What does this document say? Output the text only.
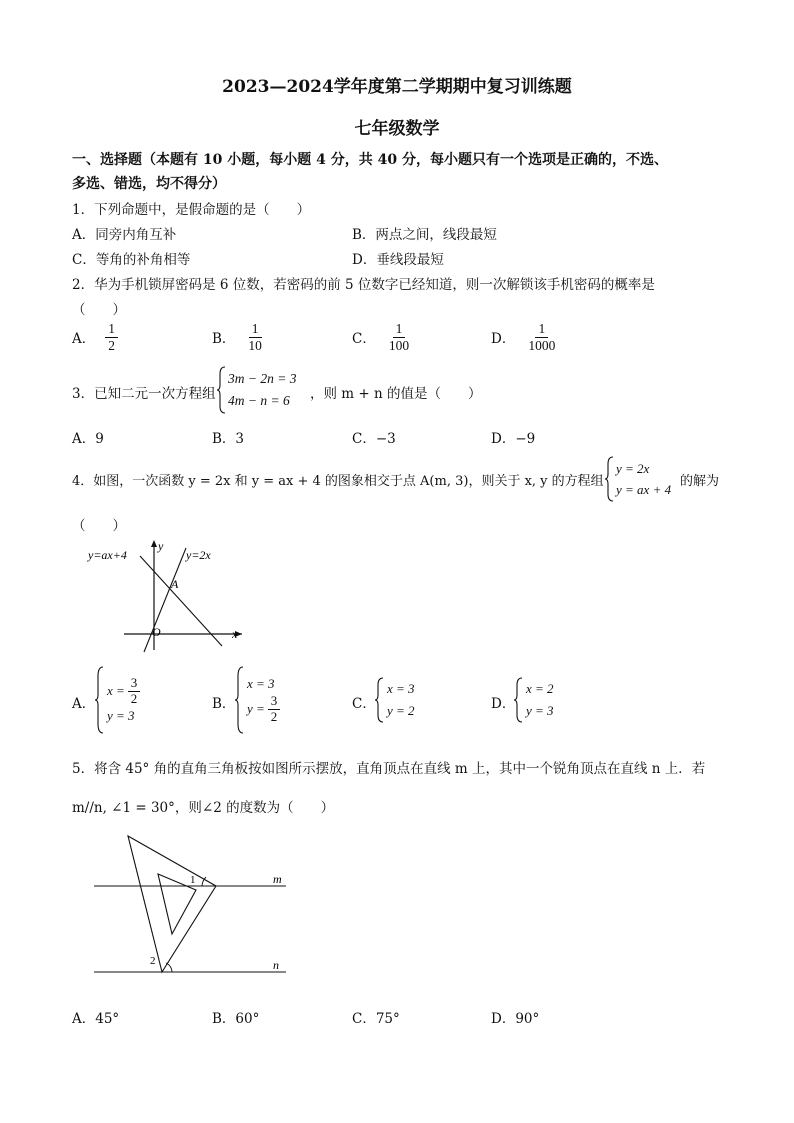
2023—2024学年度第二学期期中复习训练题
七年级数学
一、选择题（本题有 10 小题，每小题 4 分，共 40 分，每小题只有一个选项是正确的，不选、
多选、错选，均不得分）
1．下列命题中，是假命题的是（　　）
A．同旁内角互补	B．两点之间，线段最短
C．等角的补角相等	D．垂线段最短
2．华为手机锁屏密码是 6 位数，若密码的前 5 位数字已经知道，则一次解锁该手机密码的概率是
（　　）
A． $\frac{1}{2}$	B． $\frac{1}{10}$	C． $\frac{1}{100}$	D． $\frac{1}{1000}$
3．已知二元一次方程组
3m − 2n = 3
4m − n = 6	，则 m + n 的值是（　　）
A．9	B．3	C．−3	D．−9
4．如图，一次函数 y = 2x 和 y = ax + 4 的图象相交于点 A(m, 3)，则关于 x, y 的方程组
y = 2x
y = ax + 4
的解为
（　　）
y=ax+4	y=2x
y
x
O
A
A．
$x = \frac{3}{2}$
y = 3
B．
x = 3
$y = \frac{3}{2}$	C．
x = 3
y = 2	D．
x = 2
y = 3
5．将含 45° 角的直角三角板按如图所示摆放，直角顶点在直线 m 上，其中一个锐角顶点在直线 n 上．若
m//n, ∠1 = 30°，则∠2 的度数为（　　）
m
n
1
2
A．45°	B．60°	C．75°	D．90°
